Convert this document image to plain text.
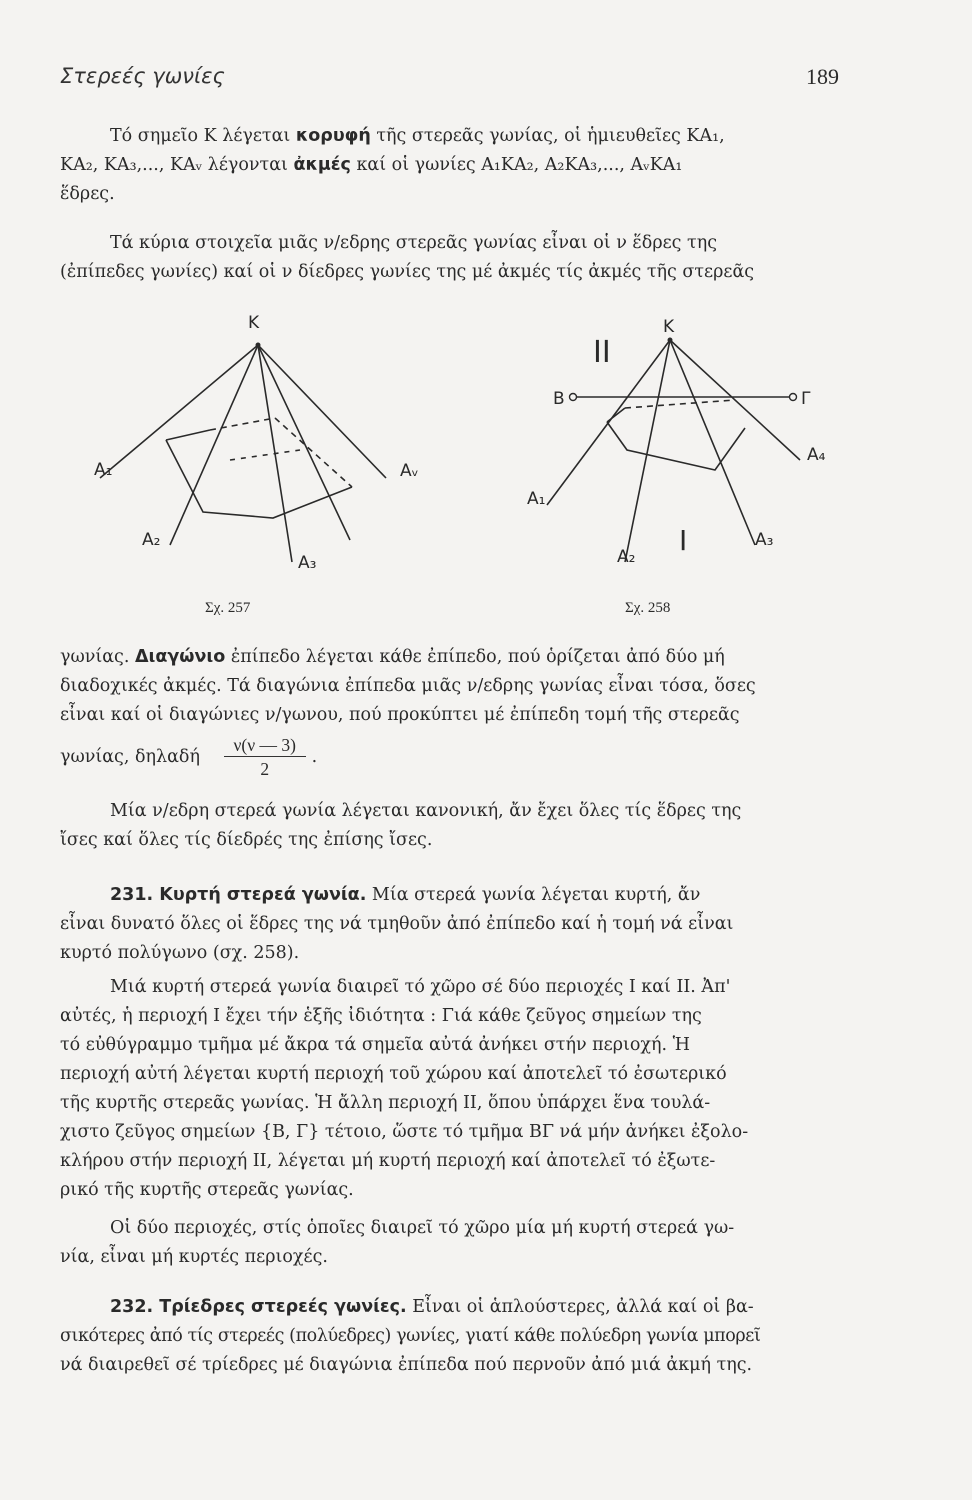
Στερεές γωνίες	189
Τό σημεῖο Κ λέγεται κορυφή τῆς στερεᾶς γωνίας, οἱ ἡμιευθεῖες ΚA₁,
ΚA₂, ΚA₃,..., ΚAᵥ λέγονται ἀκμές καί οἱ γωνίες A₁ΚA₂, A₂ΚA₃,..., AᵥΚA₁
ἕδρες.
Τά κύρια στοιχεῖα μιᾶς ν/εδρης στερεᾶς γωνίας εἶναι οἱ ν ἕδρες της
(ἐπίπεδες γωνίες) καί οἱ ν δίεδρες γωνίες της μέ ἀκμές τίς ἀκμές τῆς στερεᾶς
K
A₁
A₂
A₃
Aᵥ
II
K
B	Γ
A₁
A₂
A₃
A₄
I
Σχ. 257	Σχ. 258
γωνίας. Διαγώνιο ἐπίπεδο λέγεται κάθε ἐπίπεδο, πού ὁρίζεται ἀπό δύο μή
διαδοχικές ἀκμές. Τά διαγώνια ἐπίπεδα μιᾶς ν/εδρης γωνίας εἶναι τόσα, ὅσες
εἶναι καί οἱ διαγώνιες ν/γωνου, πού προκύπτει μέ ἐπίπεδη τομή τῆς στερεᾶς
γωνίας, δηλαδή $\frac{\nu(\nu — 3)}{2}$ .
Μία ν/εδρη στερεά γωνία λέγεται κανονική, ἄν ἔχει ὅλες τίς ἕδρες της
ἴσες καί ὅλες τίς δίεδρές της ἐπίσης ἴσες.
231. Κυρτή στερεά γωνία. Μία στερεά γωνία λέγεται κυρτή, ἄν
εἶναι δυνατό ὅλες οἱ ἕδρες της νά τμηθοῦν ἀπό ἐπίπεδο καί ἡ τομή νά εἶναι
κυρτό πολύγωνο (σχ. 258).
Μιά κυρτή στερεά γωνία διαιρεῖ τό χῶρο σέ δύο περιοχές I καί II. Ἀπ'
αὐτές, ἡ περιοχή I ἔχει τήν ἑξῆς ἰδιότητα : Γιά κάθε ζεῦγος σημείων της
τό εὐθύγραμμο τμῆμα μέ ἄκρα τά σημεῖα αὐτά ἀνήκει στήν περιοχή. Ἡ
περιοχή αὐτή λέγεται κυρτή περιοχή τοῦ χώρου καί ἀποτελεῖ τό ἐσωτερικό
τῆς κυρτῆς στερεᾶς γωνίας. Ἡ ἄλλη περιοχή II, ὅπου ὑπάρχει ἕνα τουλά-
χιστο ζεῦγος σημείων {B, Γ} τέτοιο, ὥστε τό τμῆμα ΒΓ νά μήν ἀνήκει ἐξολο-
κλήρου στήν περιοχή II, λέγεται μή κυρτή περιοχή καί ἀποτελεῖ τό ἐξωτε-
ρικό τῆς κυρτῆς στερεᾶς γωνίας.
Οἱ δύο περιοχές, στίς ὁποῖες διαιρεῖ τό χῶρο μία μή κυρτή στερεά γω-
νία, εἶναι μή κυρτές περιοχές.
232. Τρίεδρες στερεές γωνίες. Εἶναι οἱ ἁπλούστερες, ἀλλά καί οἱ βα-
σικότερες ἀπό τίς στερεές (πολύεδρες) γωνίες, γιατί κάθε πολύεδρη γωνία μπορεῖ
νά διαιρεθεῖ σέ τρίεδρες μέ διαγώνια ἐπίπεδα πού περνοῦν ἀπό μιά ἀκμή της.
